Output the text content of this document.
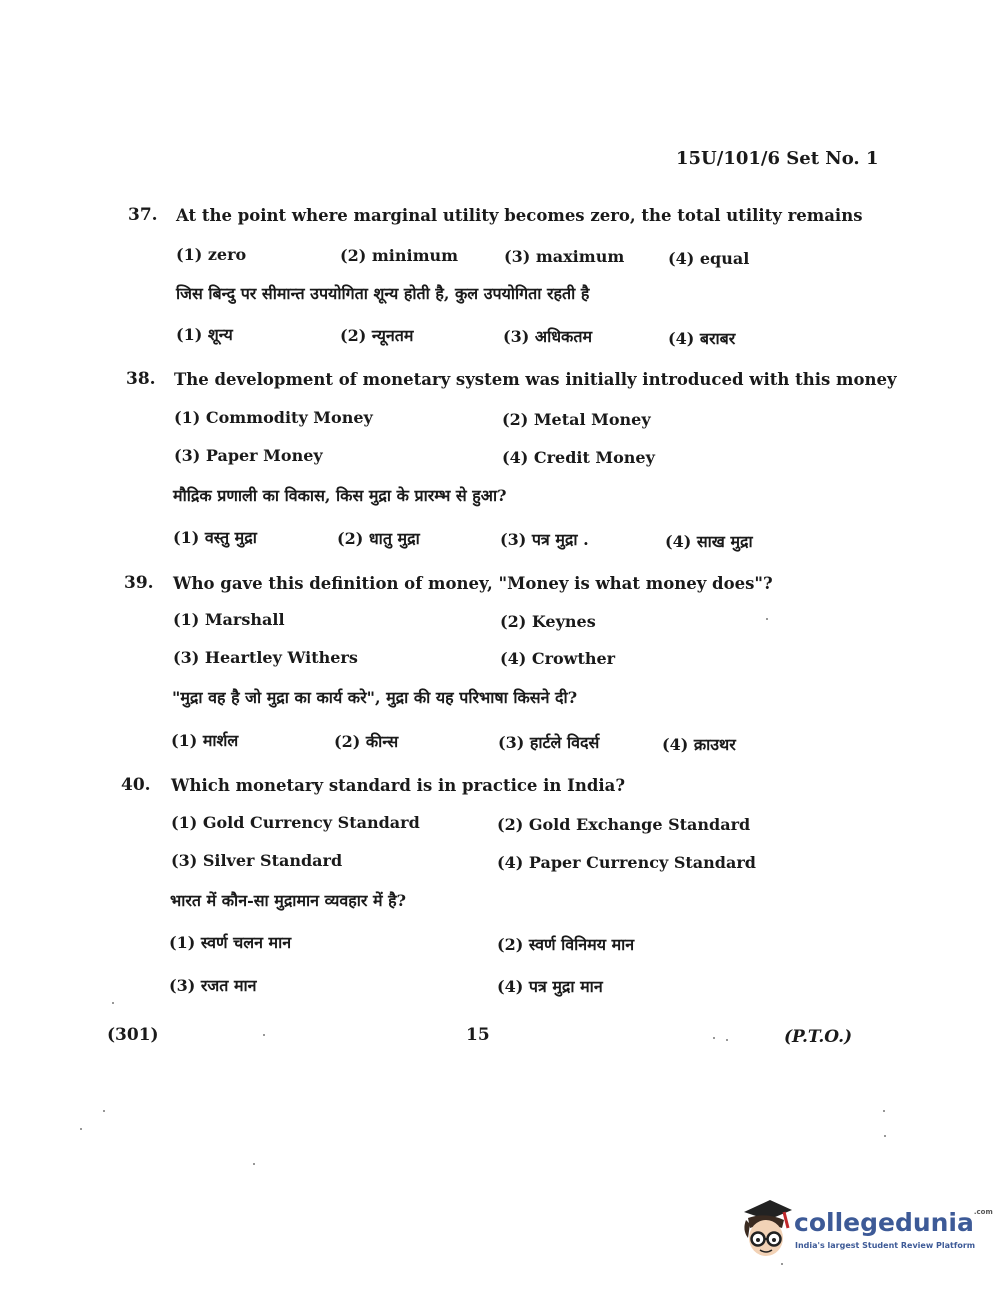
15U/101/6 Set No. 1
37. At the point where marginal utility becomes zero, the total utility remains
(1) zero	(2) minimum	(3) maximum	(4) equal
जिस बिन्दु पर सीमान्त उपयोगिता शून्य होती है, कुल उपयोगिता रहती है
(1) शून्य	(2) न्यूनतम	(3) अधिकतम	(4) बराबर
38. The development of monetary system was initially introduced with this money
(1) Commodity Money	(2) Metal Money
(3) Paper Money	(4) Credit Money
मौद्रिक प्रणाली का विकास, किस मुद्रा के प्रारम्भ से हुआ?
(1) वस्तु मुद्रा	(2) धातु मुद्रा	(3) पत्र मुद्रा .	(4) साख मुद्रा
39. Who gave this definition of money, "Money is what money does"?
(1) Marshall	(2) Keynes
(3) Heartley Withers	(4) Crowther
"मुद्रा वह है जो मुद्रा का कार्य करे", मुद्रा की यह परिभाषा किसने दी?
(1) मार्शल	(2) कीन्स	(3) हार्टले विदर्स	(4) क्राउथर
40. Which monetary standard is in practice in India?
(1) Gold Currency Standard	(2) Gold Exchange Standard
(3) Silver Standard	(4) Paper Currency Standard
भारत में कौन-सा मुद्रामान व्यवहार में है?
(1) स्वर्ण चलन मान	(2) स्वर्ण विनिमय मान
(3) रजत मान	(4) पत्र मुद्रा मान
(301)	15	(P.T.O.)
collegedunia$^{.com}$
India's largest Student Review Platform
